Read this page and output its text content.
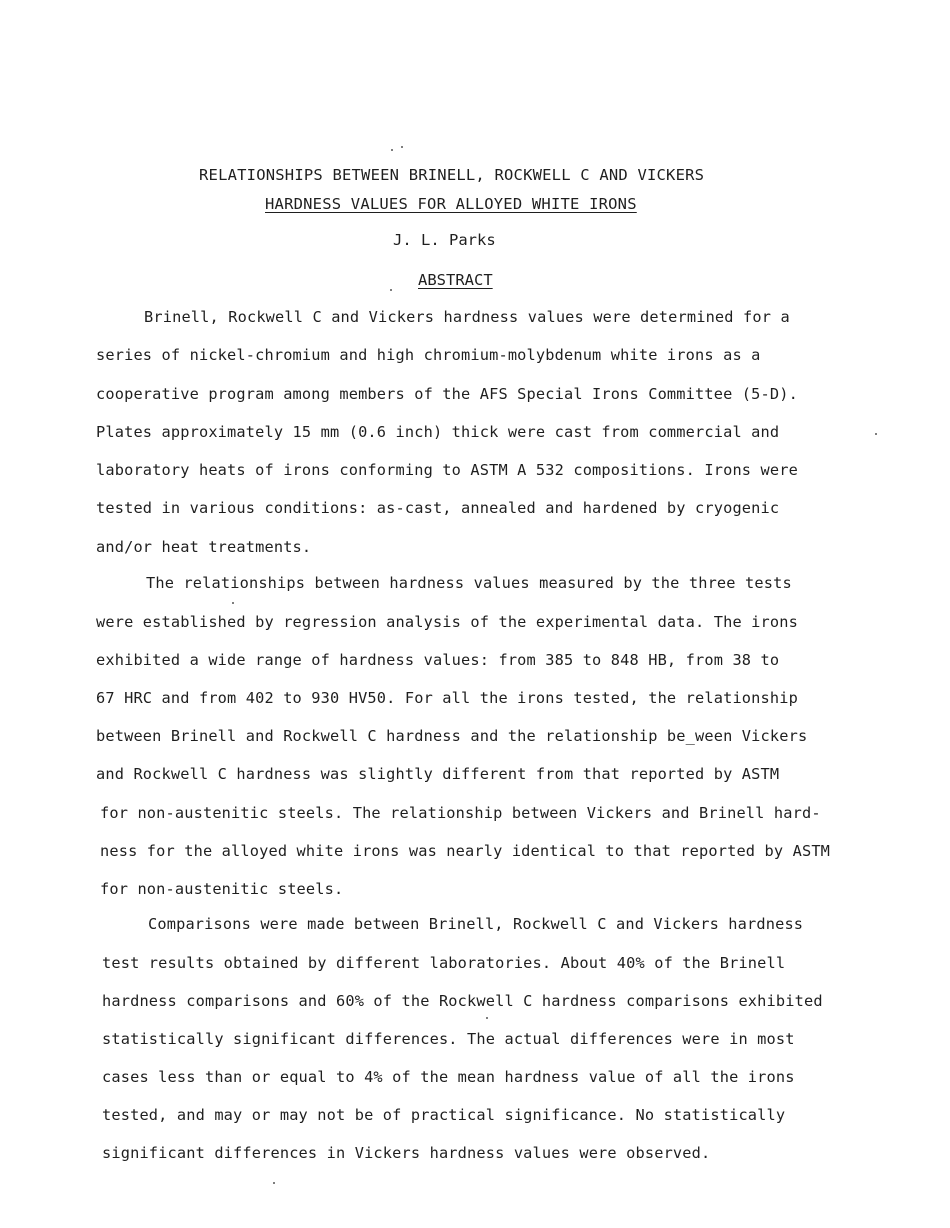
RELATIONSHIPS BETWEEN BRINELL, ROCKWELL C AND VICKERS
HARDNESS VALUES FOR ALLOYED WHITE IRONS
J. L. Parks
ABSTRACT
Brinell, Rockwell C and Vickers hardness values were determined for a
series of nickel-chromium and high chromium-molybdenum white irons as a
cooperative program among members of the AFS Special Irons Committee (5-D).
Plates approximately 15 mm (0.6 inch) thick were cast from commercial and
laboratory heats of irons conforming to ASTM A 532 compositions. Irons were
tested in various conditions: as-cast, annealed and hardened by cryogenic
and/or heat treatments.
The relationships between hardness values measured by the three tests
were established by regression analysis of the experimental data. The irons
exhibited a wide range of hardness values: from 385 to 848 HB, from 38 to
67 HRC and from 402 to 930 HV50. For all the irons tested, the relationship
between Brinell and Rockwell C hardness and the relationship be_ween Vickers
and Rockwell C hardness was slightly different from that reported by ASTM
for non-austenitic steels. The relationship between Vickers and Brinell hard-
ness for the alloyed white irons was nearly identical to that reported by ASTM
for non-austenitic steels.
Comparisons were made between Brinell, Rockwell C and Vickers hardness
test results obtained by different laboratories. About 40% of the Brinell
hardness comparisons and 60% of the Rockwell C hardness comparisons exhibited
statistically significant differences. The actual differences were in most
cases less than or equal to 4% of the mean hardness value of all the irons
tested, and may or may not be of practical significance. No statistically
significant differences in Vickers hardness values were observed.
